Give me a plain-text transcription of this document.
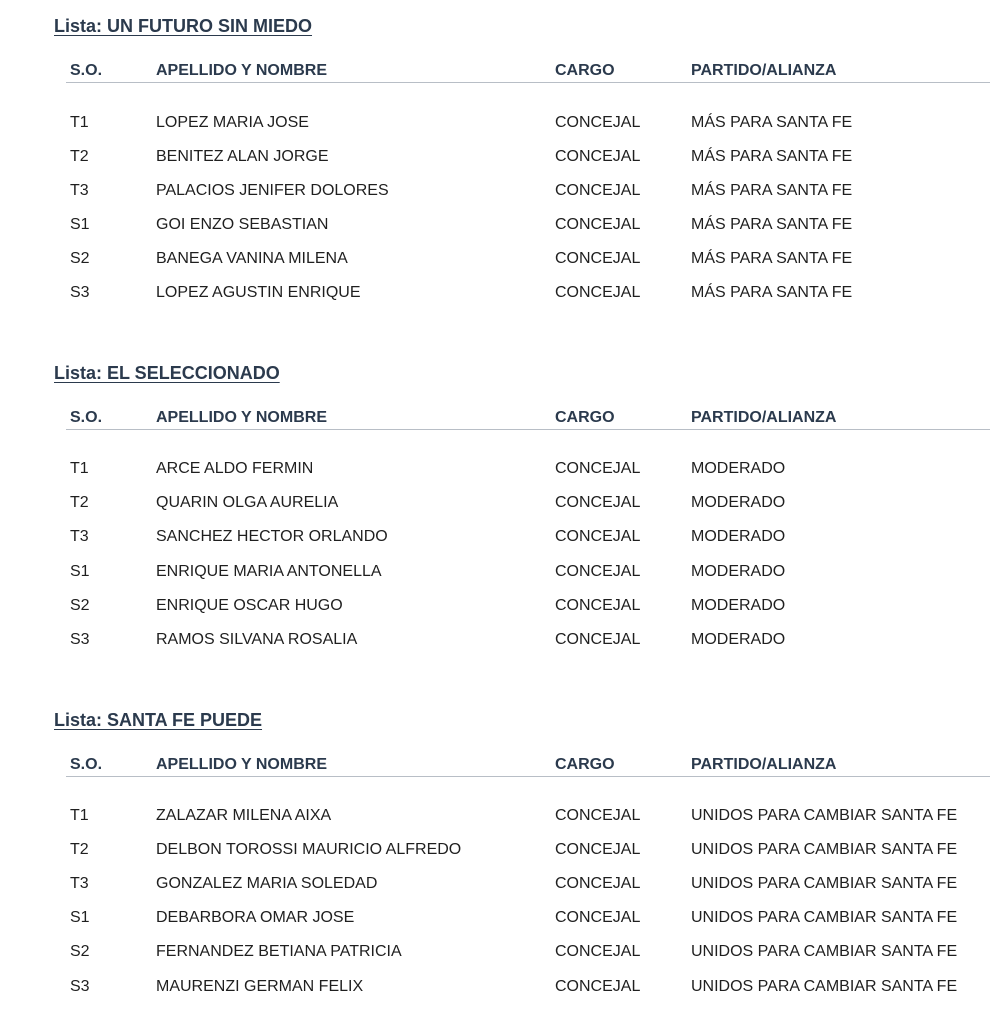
Lista: UN FUTURO SIN MIEDO
S.O.	APELLIDO Y NOMBRE	CARGO	PARTIDO/ALIANZA
T1	LOPEZ MARIA JOSE	CONCEJAL	MÁS PARA SANTA FE
T2	BENITEZ ALAN JORGE	CONCEJAL	MÁS PARA SANTA FE
T3	PALACIOS JENIFER DOLORES	CONCEJAL	MÁS PARA SANTA FE
S1	GOI ENZO SEBASTIAN	CONCEJAL	MÁS PARA SANTA FE
S2	BANEGA VANINA MILENA	CONCEJAL	MÁS PARA SANTA FE
S3	LOPEZ AGUSTIN ENRIQUE	CONCEJAL	MÁS PARA SANTA FE
Lista: EL SELECCIONADO
S.O.	APELLIDO Y NOMBRE	CARGO	PARTIDO/ALIANZA
T1	ARCE ALDO FERMIN	CONCEJAL	MODERADO
T2	QUARIN OLGA AURELIA	CONCEJAL	MODERADO
T3	SANCHEZ HECTOR ORLANDO	CONCEJAL	MODERADO
S1	ENRIQUE MARIA ANTONELLA	CONCEJAL	MODERADO
S2	ENRIQUE OSCAR HUGO	CONCEJAL	MODERADO
S3	RAMOS SILVANA ROSALIA	CONCEJAL	MODERADO
Lista: SANTA FE PUEDE
S.O.	APELLIDO Y NOMBRE	CARGO	PARTIDO/ALIANZA
T1	ZALAZAR MILENA AIXA	CONCEJAL	UNIDOS PARA CAMBIAR SANTA FE
T2	DELBON TOROSSI MAURICIO ALFREDO	CONCEJAL	UNIDOS PARA CAMBIAR SANTA FE
T3	GONZALEZ MARIA SOLEDAD	CONCEJAL	UNIDOS PARA CAMBIAR SANTA FE
S1	DEBARBORA OMAR JOSE	CONCEJAL	UNIDOS PARA CAMBIAR SANTA FE
S2	FERNANDEZ BETIANA PATRICIA	CONCEJAL	UNIDOS PARA CAMBIAR SANTA FE
S3	MAURENZI GERMAN FELIX	CONCEJAL	UNIDOS PARA CAMBIAR SANTA FE
